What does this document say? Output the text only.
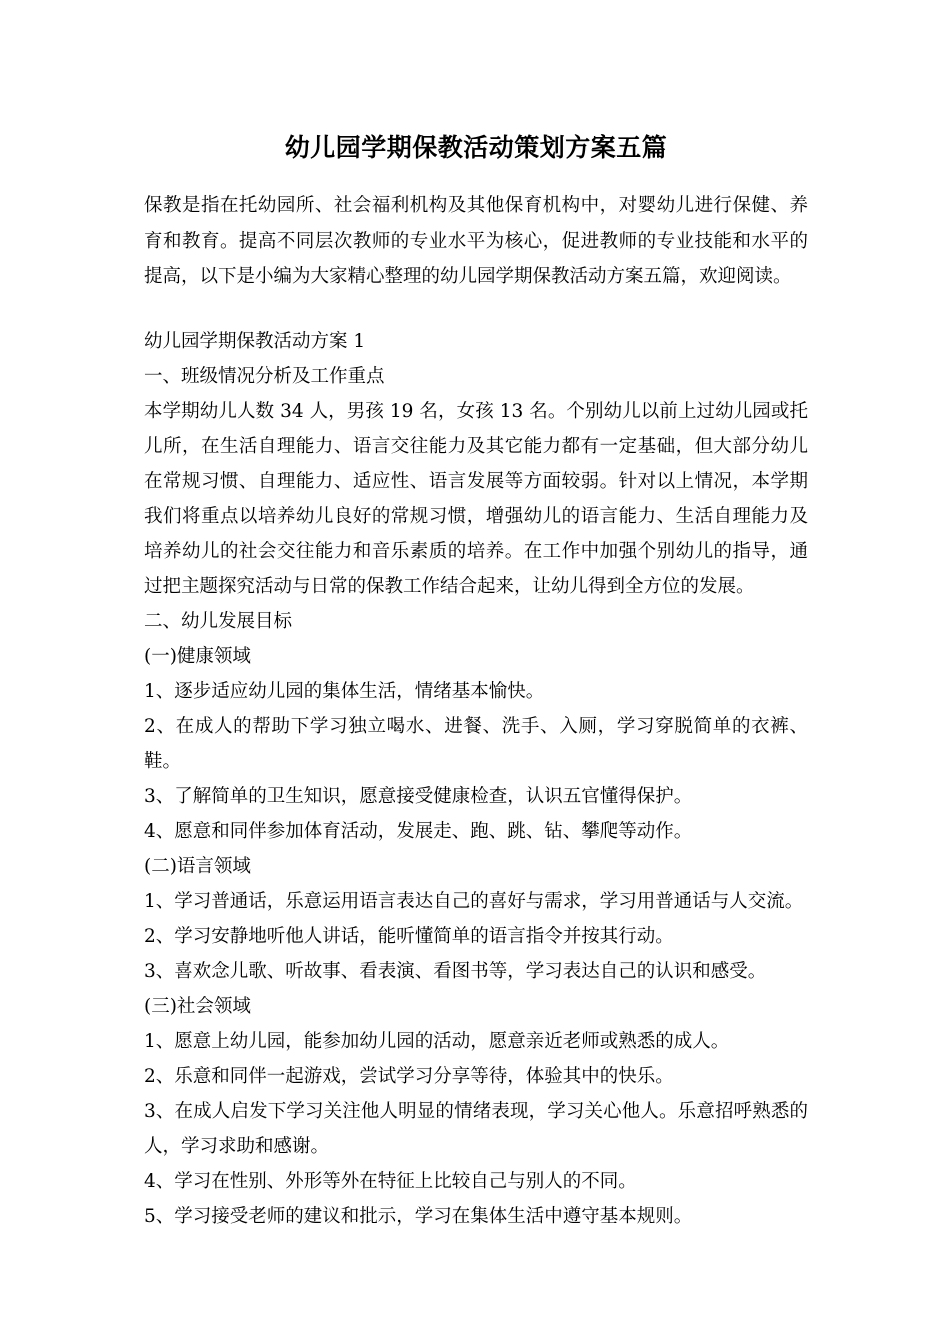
幼儿园学期保教活动策划方案五篇

保教是指在托幼园所、社会福利机构及其他保育机构中，对婴幼儿进行保健、养育和教育。提高不同层次教师的专业水平为核心，促进教师的专业技能和水平的提高，以下是小编为大家精心整理的幼儿园学期保教活动方案五篇，欢迎阅读。

幼儿园学期保教活动方案 1

一、班级情况分析及工作重点

本学期幼儿人数 34 人，男孩 19 名，女孩 13 名。个别幼儿以前上过幼儿园或托儿所，在生活自理能力、语言交往能力及其它能力都有一定基础，但大部分幼儿在常规习惯、自理能力、适应性、语言发展等方面较弱。针对以上情况，本学期我们将重点以培养幼儿良好的常规习惯，增强幼儿的语言能力、生活自理能力及培养幼儿的社会交往能力和音乐素质的培养。在工作中加强个别幼儿的指导，通过把主题探究活动与日常的保教工作结合起来，让幼儿得到全方位的发展。

二、幼儿发展目标

(一)健康领域

1、逐步适应幼儿园的集体生活，情绪基本愉快。

2、在成人的帮助下学习独立喝水、进餐、洗手、入厕，学习穿脱简单的衣裤、鞋。

3、了解简单的卫生知识，愿意接受健康检查，认识五官懂得保护。

4、愿意和同伴参加体育活动，发展走、跑、跳、钻、攀爬等动作。

(二)语言领域

1、学习普通话，乐意运用语言表达自己的喜好与需求，学习用普通话与人交流。

2、学习安静地听他人讲话，能听懂简单的语言指令并按其行动。

3、喜欢念儿歌、听故事、看表演、看图书等，学习表达自己的认识和感受。

(三)社会领域

1、愿意上幼儿园，能参加幼儿园的活动，愿意亲近老师或熟悉的成人。

2、乐意和同伴一起游戏，尝试学习分享等待，体验其中的快乐。

3、在成人启发下学习关注他人明显的情绪表现，学习关心他人。乐意招呼熟悉的人，学习求助和感谢。

4、学习在性别、外形等外在特征上比较自己与别人的不同。

5、学习接受老师的建议和批示，学习在集体生活中遵守基本规则。
